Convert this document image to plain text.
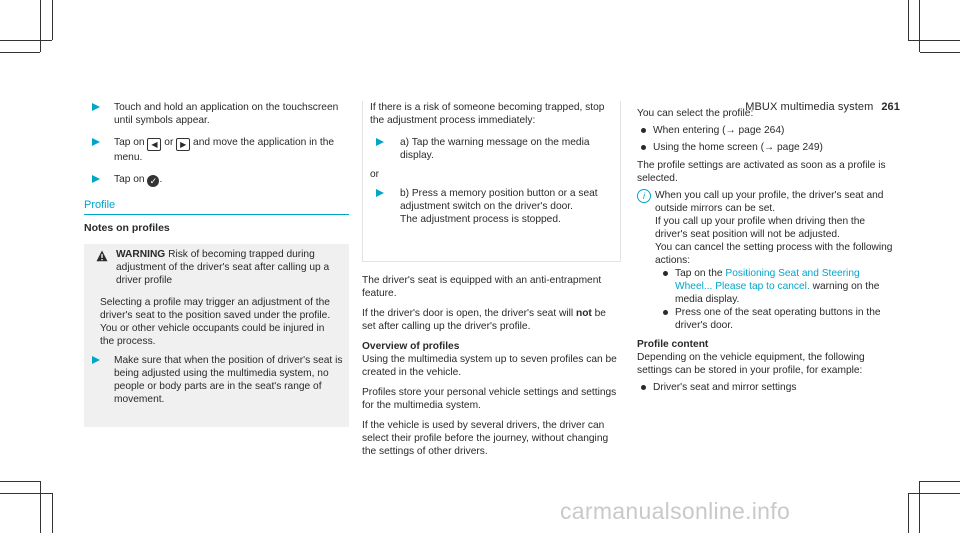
MBUX multimedia system 261

Touch and hold an application on the touchscreen until symbols appear.

Tap on ◀ or ▶ and move the application in the menu.

Tap on ✓ .

Profile
Notes on profiles

WARNING Risk of becoming trapped during adjustment of the driver's seat after calling up a driver profile

Selecting a profile may trigger an adjustment of the driver's seat to the position saved under the profile. You or other vehicle occupants could be injured in the process.

Make sure that when the position of driver's seat is being adjusted using the multimedia system, no people or body parts are in the seat's range of movement.

If there is a risk of someone becoming trapped, stop the adjustment process immediately:

a) Tap the warning message on the media display.

or

b) Press a memory position button or a seat adjustment switch on the driver's door.

The adjustment process is stopped.

The driver's seat is equipped with an anti-entrapment feature.

If the driver's door is open, the driver's seat will not be set after calling up the driver's profile.

Overview of profiles

Using the multimedia system up to seven profiles can be created in the vehicle.

Profiles store your personal vehicle settings and settings for the multimedia system.

If the vehicle is used by several drivers, the driver can select their profile before the journey, without changing the settings of other drivers.

You can select the profile:

When entering (→ page 264)

Using the home screen (→ page 249)

The profile settings are activated as soon as a profile is selected.

i When you call up your profile, the driver's seat and outside mirrors can be set.

If you call up your profile when driving then the driver's seat position will not be adjusted.

You can cancel the setting process with the following actions:

Tap on the Positioning Seat and Steering Wheel... Please tap to cancel. warning on the media display.

Press one of the seat operating buttons in the driver's door.

Profile content

Depending on the vehicle equipment, the following settings can be stored in your profile, for example:

Driver's seat and mirror settings

carmanualsonline.info
